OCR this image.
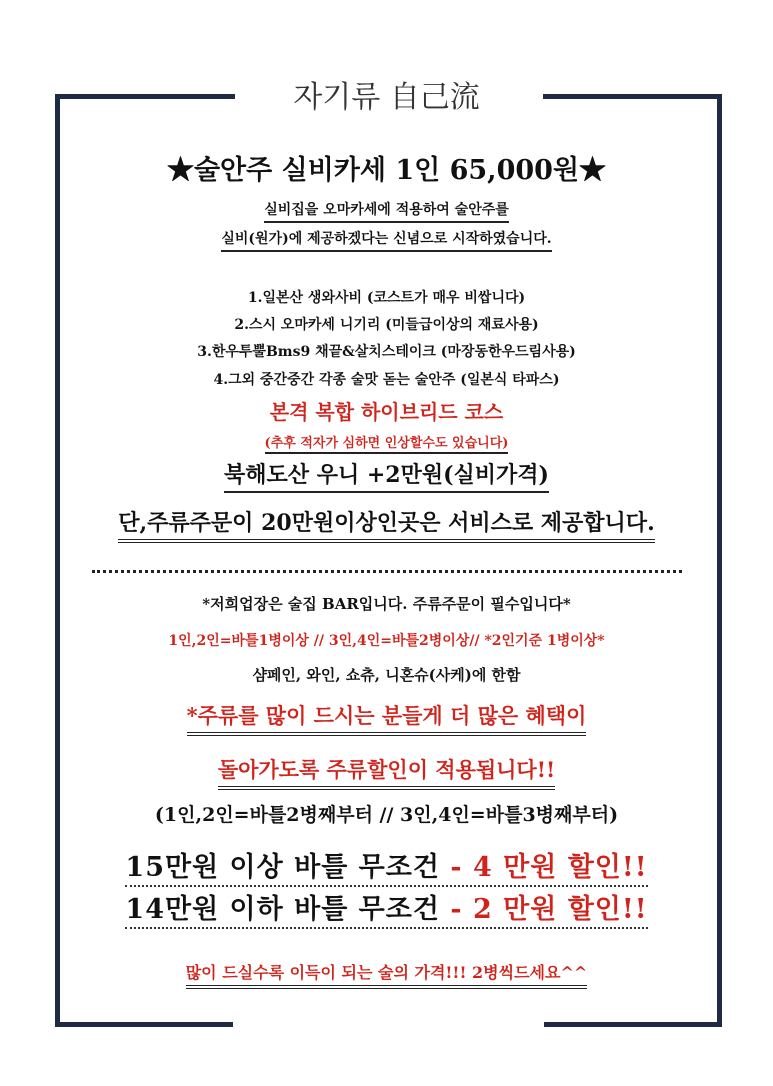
자기류 自己流
★술안주 실비카세 1인 65,000원★
실비집을 오마카세에 적용하여 술안주를
실비(원가)에 제공하겠다는 신념으로 시작하였습니다.
1.일본산 생와사비 (코스트가 매우 비쌉니다)
2.스시 오마카세 니기리 (미들급이상의 재료사용)
3.한우투뿔Bms9 채끝&살치스테이크 (마장동한우드림사용)
4.그외 중간중간 각종 술맛 돋는 술안주 (일본식 타파스)
본격 복합 하이브리드 코스
(추후 적자가 심하면 인상할수도 있습니다)
북해도산 우니 +2만원(실비가격)
단,주류주문이 20만원이상인곳은 서비스로 제공합니다.
*저희업장은 술집 BAR입니다. 주류주문이 필수입니다*
1인,2인=바틀1병이상 // 3인,4인=바틀2병이상// *2인기준 1병이상*
샴페인, 와인, 쇼츄, 니혼슈(사케)에 한함
*주류를 많이 드시는 분들게 더 많은 혜택이
돌아가도록 주류할인이 적용됩니다!!
(1인,2인=바틀2병째부터 // 3인,4인=바틀3병째부터)
15만원 이상 바틀 무조건 - 4 만원 할인!!
14만원 이하 바틀 무조건 - 2 만원 할인!!
많이 드실수록 이득이 되는 술의 가격!!! 2병씩드세요^^
